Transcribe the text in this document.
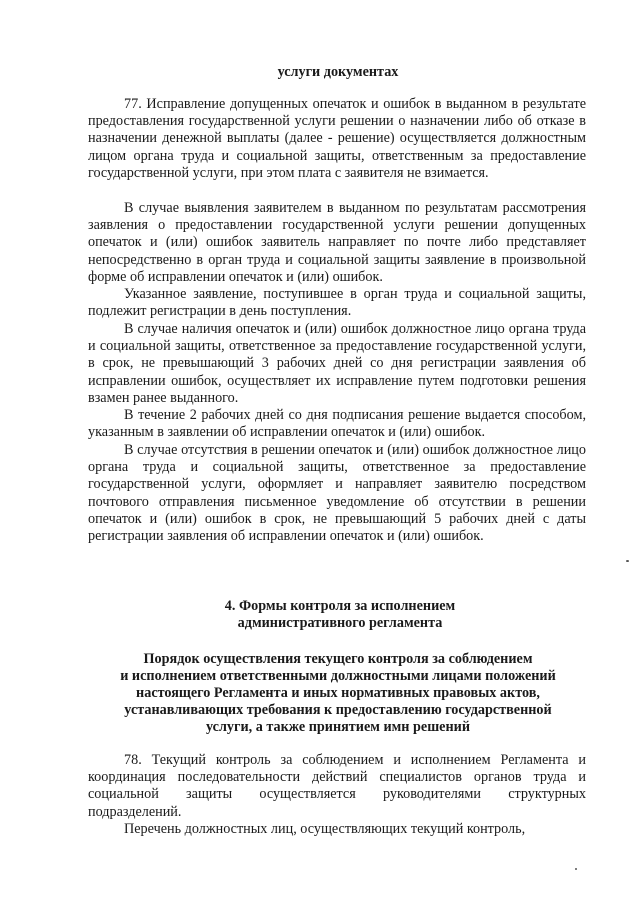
услуги документах

77. Исправление допущенных опечаток и ошибок в выданном в результате предоставления государственной услуги решении о назначении либо об отказе в назначении денежной выплаты (далее - решение) осуществляется должностным лицом органа труда и социальной защиты, ответственным за предоставление государственной услуги, при этом плата с заявителя не взимается.

В случае выявления заявителем в выданном по результатам рассмотрения заявления о предоставлении государственной услуги решении допущенных опечаток и (или) ошибок заявитель направляет по почте либо представляет непосредственно в орган труда и социальной защиты заявление в произвольной форме об исправлении опечаток и (или) ошибок.

Указанное заявление, поступившее в орган труда и социальной защиты, подлежит регистрации в день поступления.

В случае наличия опечаток и (или) ошибок должностное лицо органа труда и социальной защиты, ответственное за предоставление государственной услуги, в срок, не превышающий 3 рабочих дней со дня регистрации заявления об исправлении ошибок, осуществляет их исправление путем подготовки решения взамен ранее выданного.

В течение 2 рабочих дней со дня подписания решение выдается способом, указанным в заявлении об исправлении опечаток и (или) ошибок.

В случае отсутствия в решении опечаток и (или) ошибок должностное лицо органа труда и социальной защиты, ответственное за предоставление государственной услуги, оформляет и направляет заявителю посредством почтового отправления письменное уведомление об отсутствии в решении опечаток и (или) ошибок в срок, не превышающий 5 рабочих дней с даты регистрации заявления об исправлении опечаток и (или) ошибок.

4. Формы контроля за исполнением
административного регламента
Порядок осуществления текущего контроля за соблюдением
и исполнением ответственными должностными лицами положений
настоящего Регламента и иных нормативных правовых актов,
устанавливающих требования к предоставлению государственной
услуги, а также принятием имн решений

78. Текущий контроль за соблюдением и исполнением Регламента и координация последовательности действий специалистов органов труда и социальной защиты осуществляется руководителями структурных подразделений.

Перечень должностных лиц, осуществляющих текущий контроль,
